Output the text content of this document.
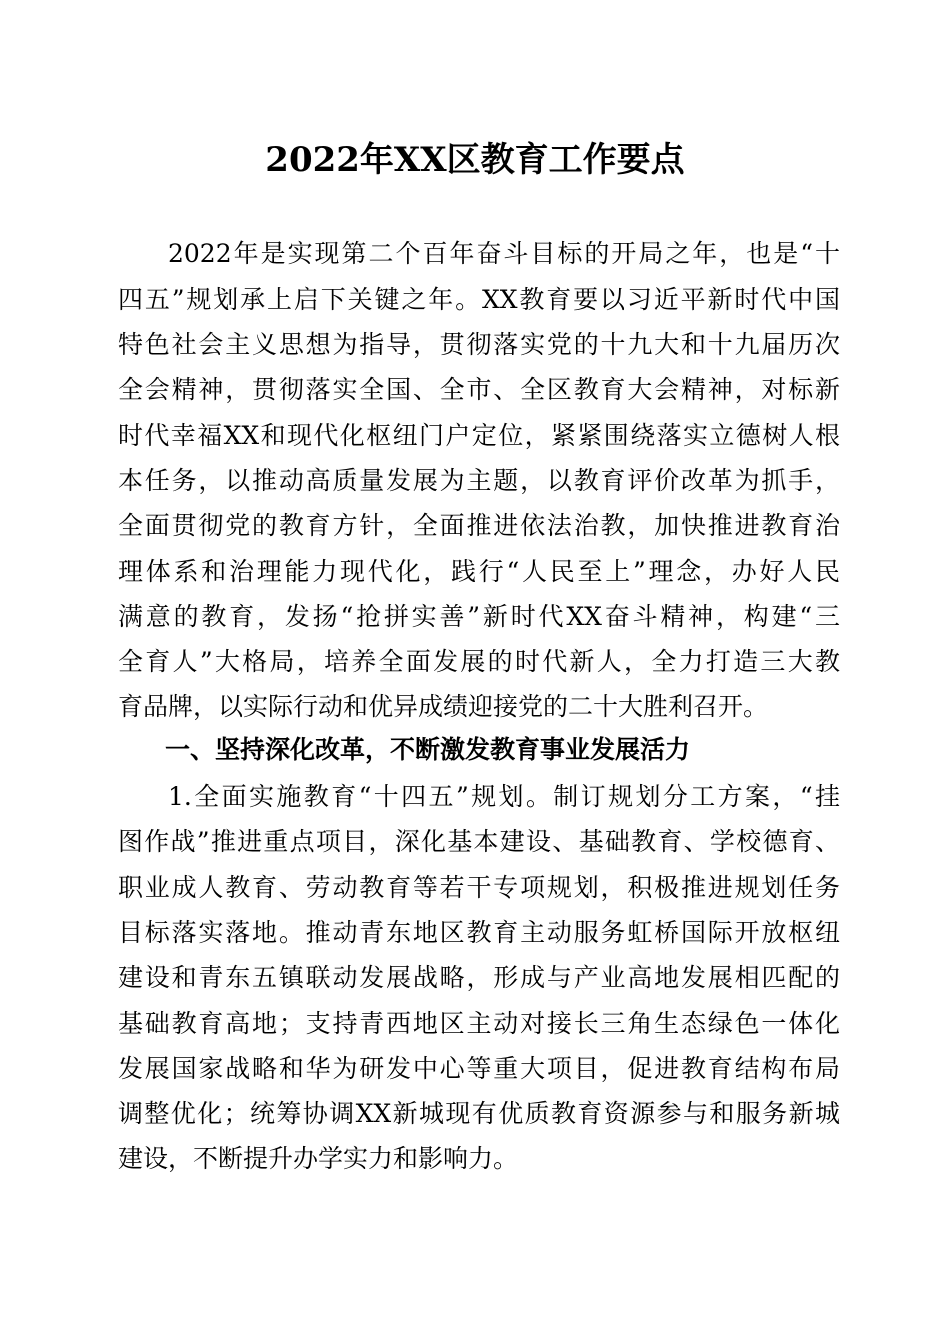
2022年XX区教育工作要点
2022年是实现第二个百年奋斗目标的开局之年，也是“十
四五”规划承上启下关键之年。XX教育要以习近平新时代中国
特色社会主义思想为指导，贯彻落实党的十九大和十九届历次
全会精神，贯彻落实全国、全市、全区教育大会精神，对标新
时代幸福XX和现代化枢纽门户定位，紧紧围绕落实立德树人根
本任务，以推动高质量发展为主题，以教育评价改革为抓手，
全面贯彻党的教育方针，全面推进依法治教，加快推进教育治
理体系和治理能力现代化，践行“人民至上”理念，办好人民
满意的教育，发扬“抢拼实善”新时代XX奋斗精神，构建“三
全育人”大格局，培养全面发展的时代新人，全力打造三大教
育品牌，以实际行动和优异成绩迎接党的二十大胜利召开。
一、坚持深化改革，不断激发教育事业发展活力
1.全面实施教育“十四五”规划。制订规划分工方案，“挂
图作战”推进重点项目，深化基本建设、基础教育、学校德育、
职业成人教育、劳动教育等若干专项规划，积极推进规划任务
目标落实落地。推动青东地区教育主动服务虹桥国际开放枢纽
建设和青东五镇联动发展战略，形成与产业高地发展相匹配的
基础教育高地；支持青西地区主动对接长三角生态绿色一体化
发展国家战略和华为研发中心等重大项目，促进教育结构布局
调整优化；统筹协调XX新城现有优质教育资源参与和服务新城
建设，不断提升办学实力和影响力。
